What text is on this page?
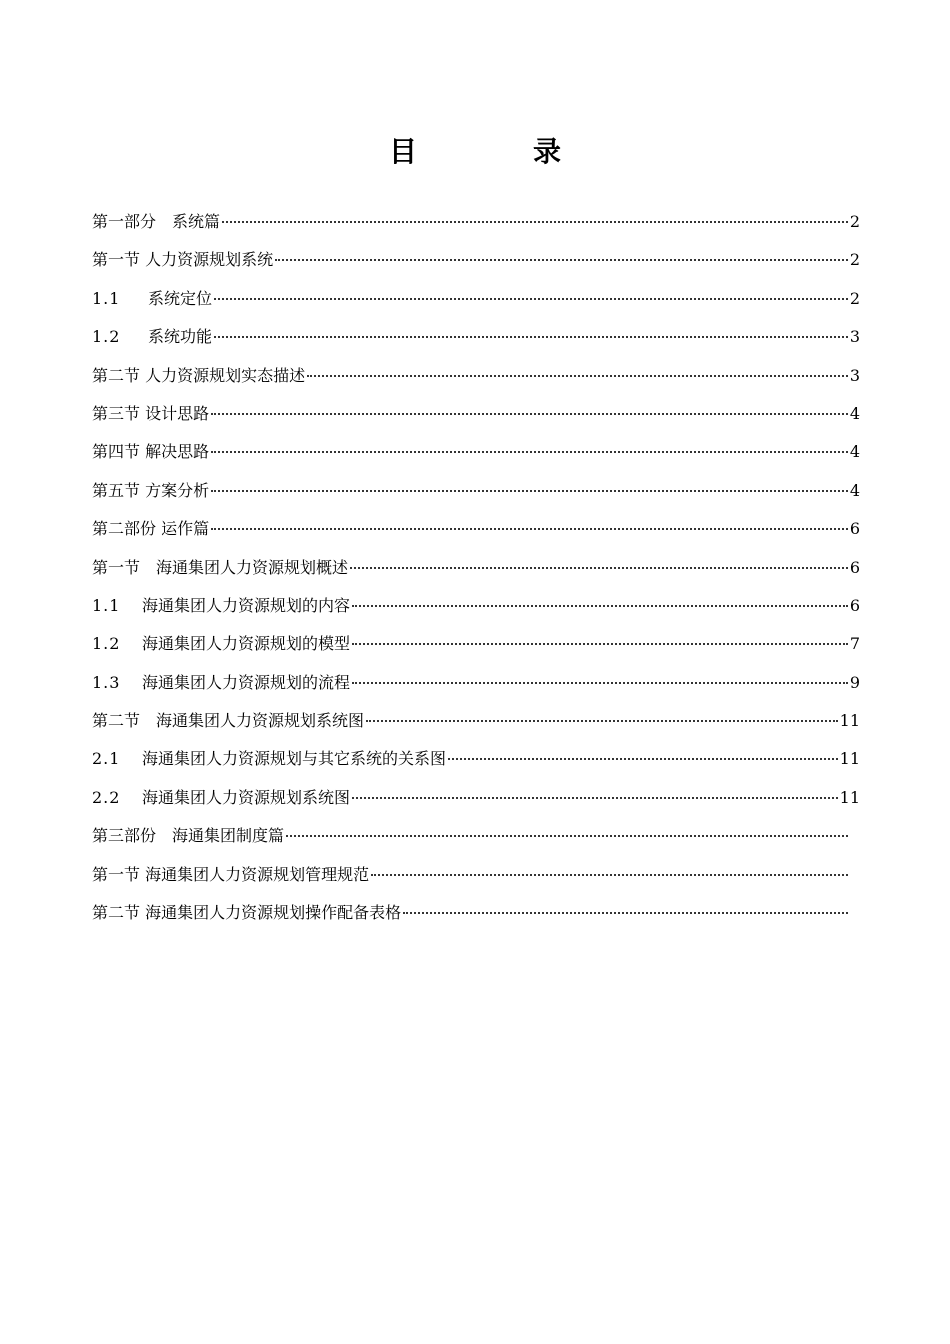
目　录
第一部分　系统篇	2
第一节 人力资源规划系统	2
1.1 系统定位	2
1.2 系统功能	3
第二节 人力资源规划实态描述	3
第三节 设计思路	4
第四节 解决思路	4
第五节 方案分析	4
第二部份 运作篇	6
第一节　海通集团人力资源规划概述	6
1.1 海通集团人力资源规划的内容	6
1.2 海通集团人力资源规划的模型	7
1.3 海通集团人力资源规划的流程	9
第二节　海通集团人力资源规划系统图	11
2.1 海通集团人力资源规划与其它系统的关系图	11
2.2 海通集团人力资源规划系统图	11
第三部份　海通集团制度篇
第一节 海通集团人力资源规划管理规范
第二节 海通集团人力资源规划操作配备表格
